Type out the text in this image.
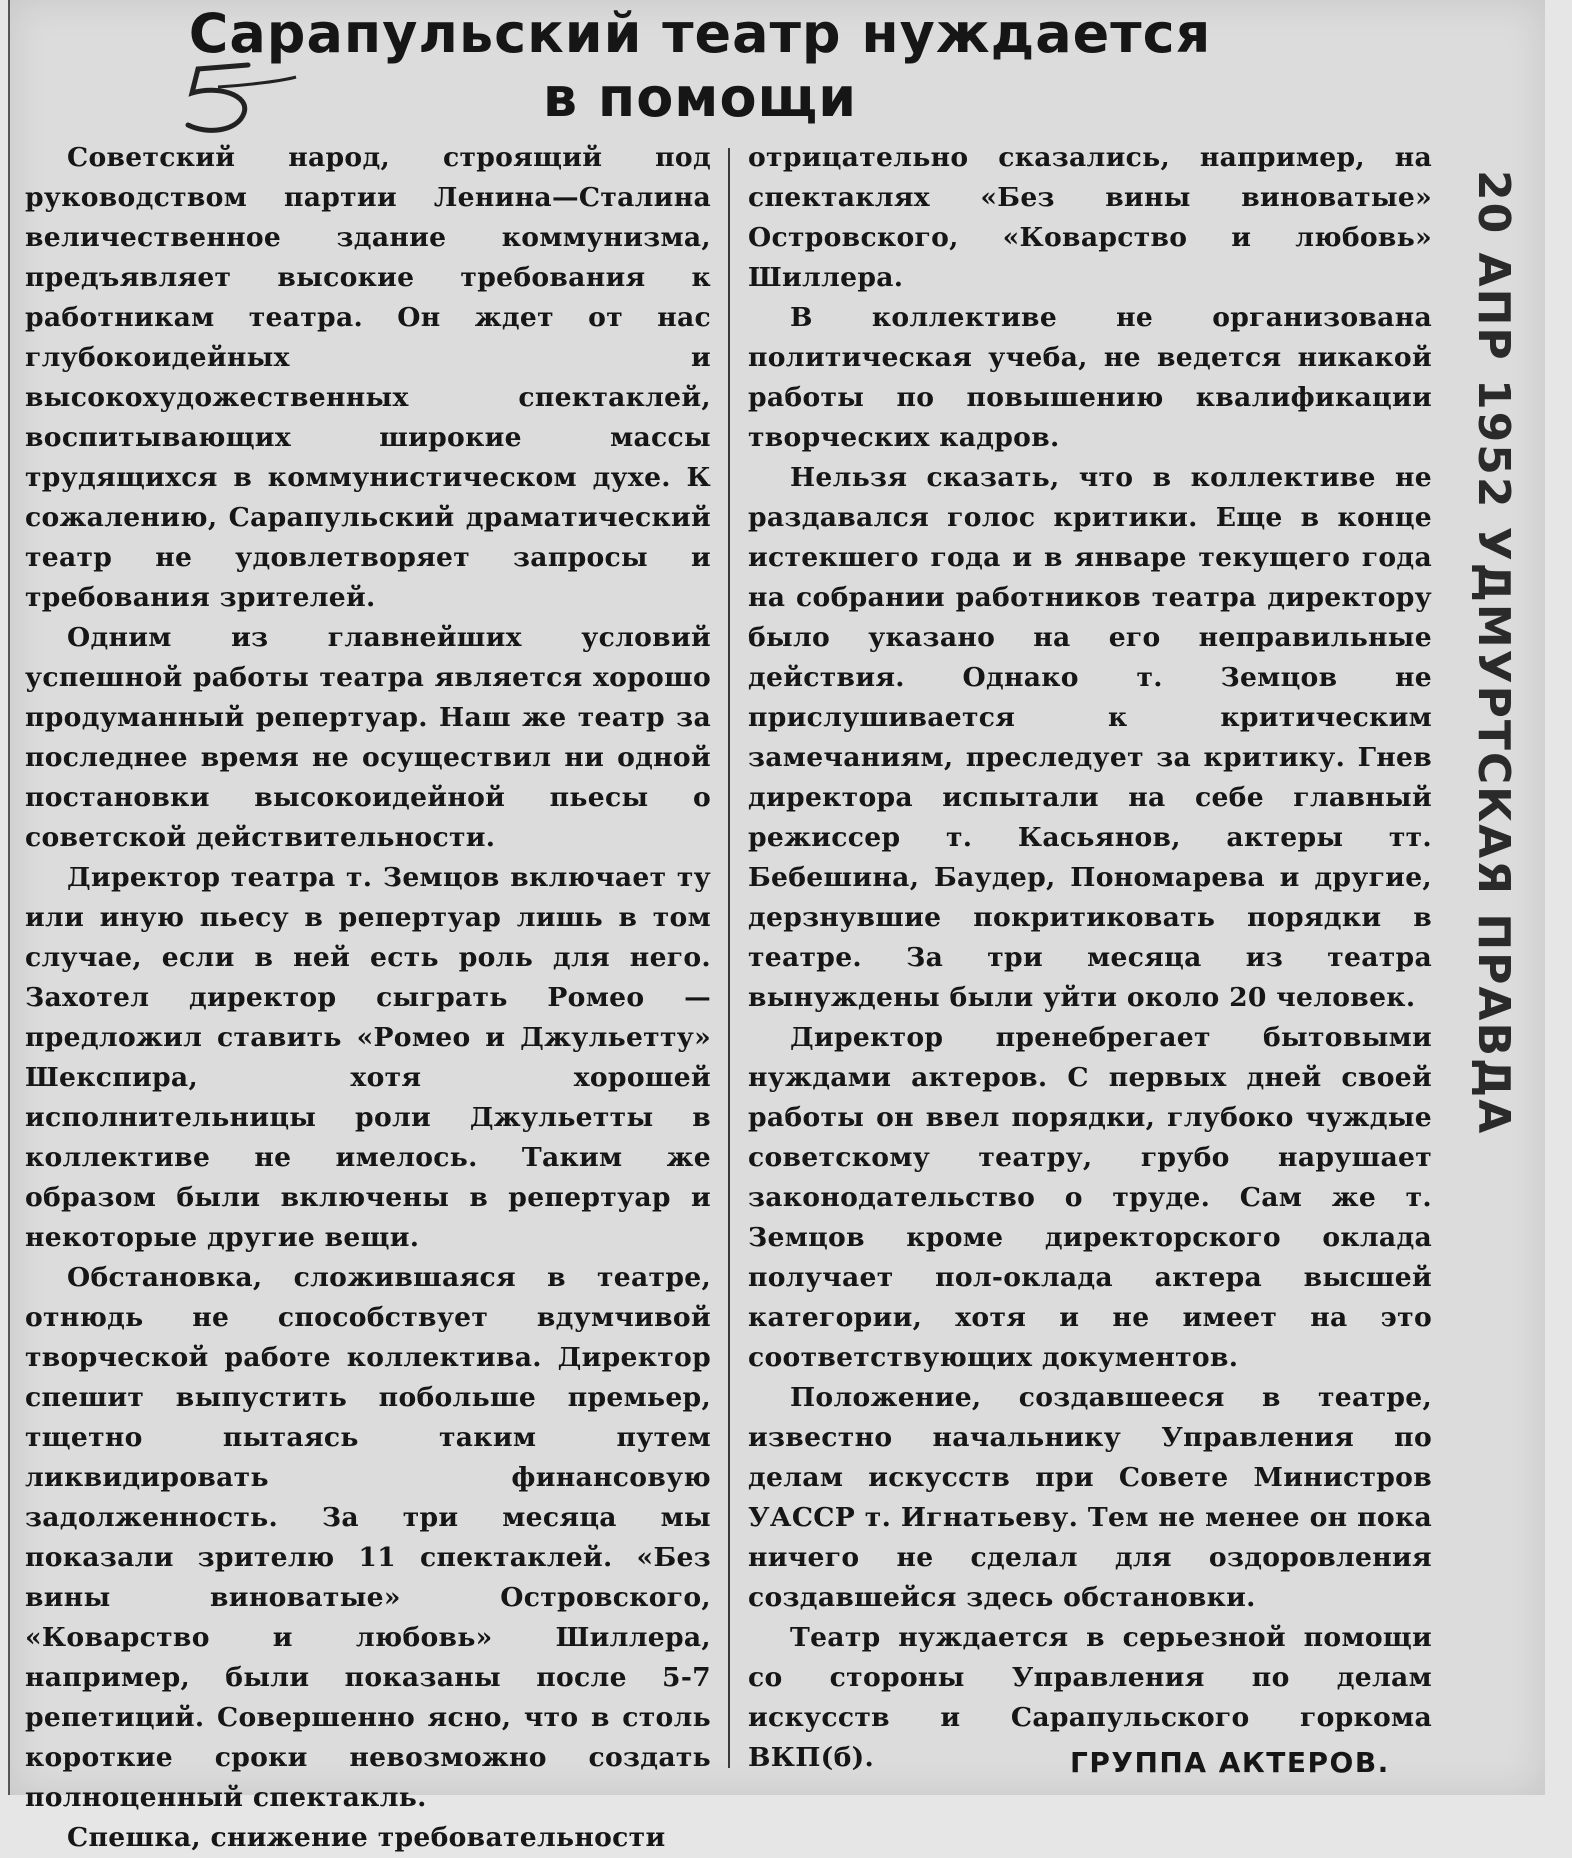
Сарапульский театр нуждается в помощи

Советский народ, строящий под руководством партии Ленина—Сталина величественное здание коммунизма, предъявляет высокие требования к работникам театра. Он ждет от нас глубокоидейных и высокохудожественных спектаклей, воспитывающих широкие массы трудящихся в коммунистическом духе. К сожалению, Сарапульский драматический театр не удовлетворяет запросы и требования зрителей.

Одним из главнейших условий успешной работы театра является хорошо продуманный репертуар. Наш же театр за последнее время не осуществил ни одной постановки высокоидейной пьесы о советской действительности.

Директор театра т. Земцов включает ту или иную пьесу в репертуар лишь в том случае, если в ней есть роль для него. Захотел директор сыграть Ромео — предложил ставить «Ромео и Джульетту» Шекспира, хотя хорошей исполнительницы роли Джульетты в коллективе не имелось. Таким же образом были включены в репертуар и некоторые другие вещи.

Обстановка, сложившаяся в театре, отнюдь не способствует вдумчивой творческой работе коллектива. Директор спешит выпустить побольше премьер, тщетно пытаясь таким путем ликвидировать финансовую задолженность. За три месяца мы показали зрителю 11 спектаклей. «Без вины виноватые» Островского, «Коварство и любовь» Шиллера, например, были показаны после 5-7 репетиций. Совершенно ясно, что в столь короткие сроки невозможно создать полноценный спектакль.

Спешка, снижение требовательности

отрицательно сказались, например, на спектаклях «Без вины виноватые» Островского, «Коварство и любовь» Шиллера.

В коллективе не организована политическая учеба, не ведется никакой работы по повышению квалификации творческих кадров.

Нельзя сказать, что в коллективе не раздавался голос критики. Еще в конце истекшего года и в январе текущего года на собрании работников театра директору было указано на его неправильные действия. Однако т. Земцов не прислушивается к критическим замечаниям, преследует за критику. Гнев директора испытали на себе главный режиссер т. Касьянов, актеры тт. Бебешина, Баудер, Пономарева и другие, дерзнувшие покритиковать порядки в театре. За три месяца из театра вынуждены были уйти около 20 человек.

Директор пренебрегает бытовыми нуждами актеров. С первых дней своей работы он ввел порядки, глубоко чуждые советскому театру, грубо нарушает законодательство о труде. Сам же т. Земцов кроме директорского оклада получает пол-оклада актера высшей категории, хотя и не имеет на это соответствующих документов.

Положение, создавшееся в театре, известно начальнику Управления по делам искусств при Совете Министров УАССР т. Игнатьеву. Тем не менее он пока ничего не сделал для оздоровления создавшейся здесь обстановки.

Театр нуждается в серьезной помощи со стороны Управления по делам искусств и Сарапульского горкома ВКП(б).	ГРУППА АКТЕРОВ.
20 АПР 1952 УДМУРТСКАЯ ПРАВДА
